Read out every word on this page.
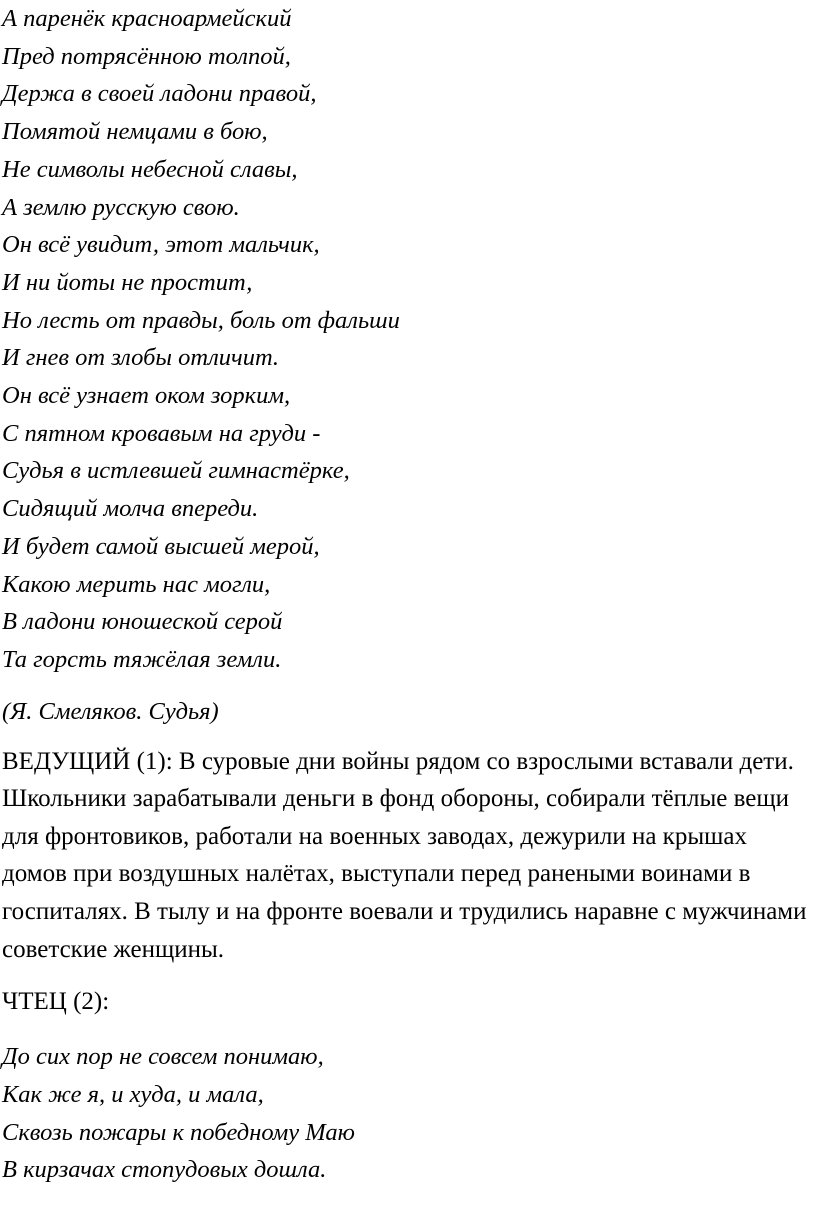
А паренёк красноармейский
Пред потрясённою толпой,
Держа в своей ладони правой,
Помятой немцами в бою,
Не символы небесной славы,
А землю русскую свою.
Он всё увидит, этот мальчик,
И ни йоты не простит,
Но лесть от правды, боль от фальши
И гнев от злобы отличит.
Он всё узнает оком зорким,
С пятном кровавым на груди -
Судья в истлевшей гимнастёрке,
Сидящий молча впереди.
И будет самой высшей мерой,
Какою мерить нас могли,
В ладони юношеской серой
Та горсть тяжёлая земли.
(Я. Смеляков. Судья)
ВЕДУЩИЙ (1): В суровые дни войны рядом со взрослыми вставали дети. Школьники зарабатывали деньги в фонд обороны, собирали тёплые вещи для фронтовиков, работали на военных заводах, дежурили на крышах домов при воздушных налётах, выступали перед ранеными воинами в госпиталях. В тылу и на фронте воевали и трудились наравне с мужчинами советские женщины.
ЧТЕЦ (2):
До сих пор не совсем понимаю,
Как же я, и худа, и мала,
Сквозь пожары к победному Маю
В кирзачах стопудовых дошла.
